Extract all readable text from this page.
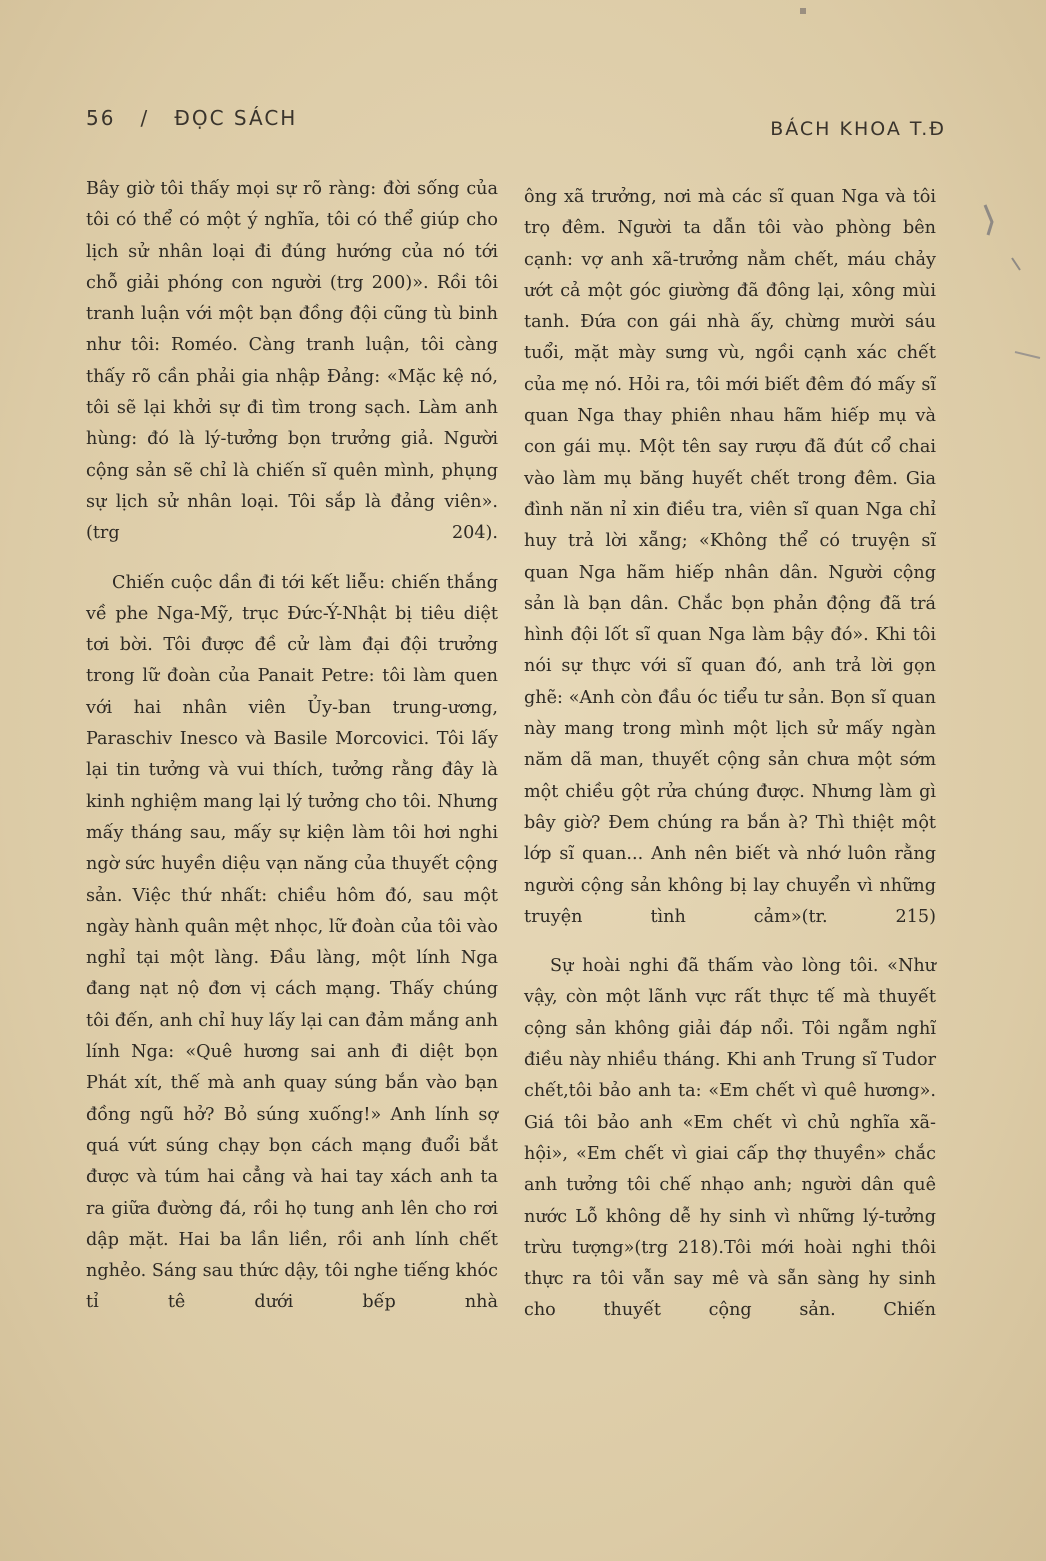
56 / ĐỌC SÁCH	BÁCH KHOA T.Đ

Bây giờ tôi thấy mọi sự rõ ràng: đời sống của tôi có thể có một ý nghĩa, tôi có thể giúp cho lịch sử nhân loại đi đúng hướng của nó tới chỗ giải phóng con người (trg 200)». Rồi tôi tranh luận với một bạn đồng đội cũng tù binh như tôi: Roméo. Càng tranh luận, tôi càng thấy rõ cần phải gia nhập Đảng: «Mặc kệ nó, tôi sẽ lại khởi sự đi tìm trong sạch. Làm anh hùng: đó là lý-tưởng bọn trưởng giả. Người cộng sản sẽ chỉ là chiến sĩ quên mình, phụng sự lịch sử nhân loại. Tôi sắp là đảng viên». (trg 204).

Chiến cuộc dần đi tới kết liễu: chiến thắng về phe Nga-Mỹ, trục Đức-Ý-Nhật bị tiêu diệt tơi bời. Tôi được đề cử làm đại đội trưởng trong lữ đoàn của Panait Petre: tôi làm quen với hai nhân viên Ủy-ban trung-ương, Paraschiv Inesco và Basile Morcovici. Tôi lấy lại tin tưởng và vui thích, tưởng rằng đây là kinh nghiệm mang lại lý tưởng cho tôi. Nhưng mấy tháng sau, mấy sự kiện làm tôi hơi nghi ngờ sức huyền diệu vạn năng của thuyết cộng sản. Việc thứ nhất: chiều hôm đó, sau một ngày hành quân mệt nhọc, lữ đoàn của tôi vào nghỉ tại một làng. Đầu làng, một lính Nga đang nạt nộ đơn vị cách mạng. Thấy chúng tôi đến, anh chỉ huy lấy lại can đảm mắng anh lính Nga: «Quê hương sai anh đi diệt bọn Phát xít, thế mà anh quay súng bắn vào bạn đồng ngũ hở? Bỏ súng xuống!» Anh lính sợ quá vứt súng chạy bọn cách mạng đuổi bắt được và túm hai cẳng và hai tay xách anh ta ra giữa đường đá, rồi họ tung anh lên cho rơi dập mặt. Hai ba lần liền, rồi anh lính chết nghẻo. Sáng sau thức dậy, tôi nghe tiếng khóc tỉ tê dưới bếp nhà

ông xã trưởng, nơi mà các sĩ quan Nga và tôi trọ đêm. Người ta dẫn tôi vào phòng bên cạnh: vợ anh xã-trưởng nằm chết, máu chảy ướt cả một góc giường đã đông lại, xông mùi tanh. Đứa con gái nhà ấy, chừng mười sáu tuổi, mặt mày sưng vù, ngồi cạnh xác chết của mẹ nó. Hỏi ra, tôi mới biết đêm đó mấy sĩ quan Nga thay phiên nhau hãm hiếp mụ và con gái mụ. Một tên say rượu đã đút cổ chai vào làm mụ băng huyết chết trong đêm. Gia đình năn nỉ xin điều tra, viên sĩ quan Nga chỉ huy trả lời xẵng; «Không thể có truyện sĩ quan Nga hãm hiếp nhân dân. Người cộng sản là bạn dân. Chắc bọn phản động đã trá hình đội lốt sĩ quan Nga làm bậy đó». Khi tôi nói sự thực với sĩ quan đó, anh trả lời gọn ghẽ: «Anh còn đầu óc tiểu tư sản. Bọn sĩ quan này mang trong mình một lịch sử mấy ngàn năm dã man, thuyết cộng sản chưa một sớm một chiều gột rửa chúng được. Nhưng làm gì bây giờ? Đem chúng ra bắn à? Thì thiệt một lớp sĩ quan... Anh nên biết và nhớ luôn rằng người cộng sản không bị lay chuyển vì những truyện tình cảm»(tr. 215)

Sự hoài nghi đã thấm vào lòng tôi. «Như vậy, còn một lãnh vực rất thực tế mà thuyết cộng sản không giải đáp nổi. Tôi ngẫm nghĩ điều này nhiều tháng. Khi anh Trung sĩ Tudor chết,tôi bảo anh ta: «Em chết vì quê hương». Giá tôi bảo anh «Em chết vì chủ nghĩa xã-hội», «Em chết vì giai cấp thợ thuyền» chắc anh tưởng tôi chế nhạo anh; người dân quê nước Lỗ không dễ hy sinh vì những lý-tưởng trừu tượng»(trg 218).Tôi mới hoài nghi thôi thực ra tôi vẫn say mê và sẵn sàng hy sinh cho thuyết cộng sản. Chiến
